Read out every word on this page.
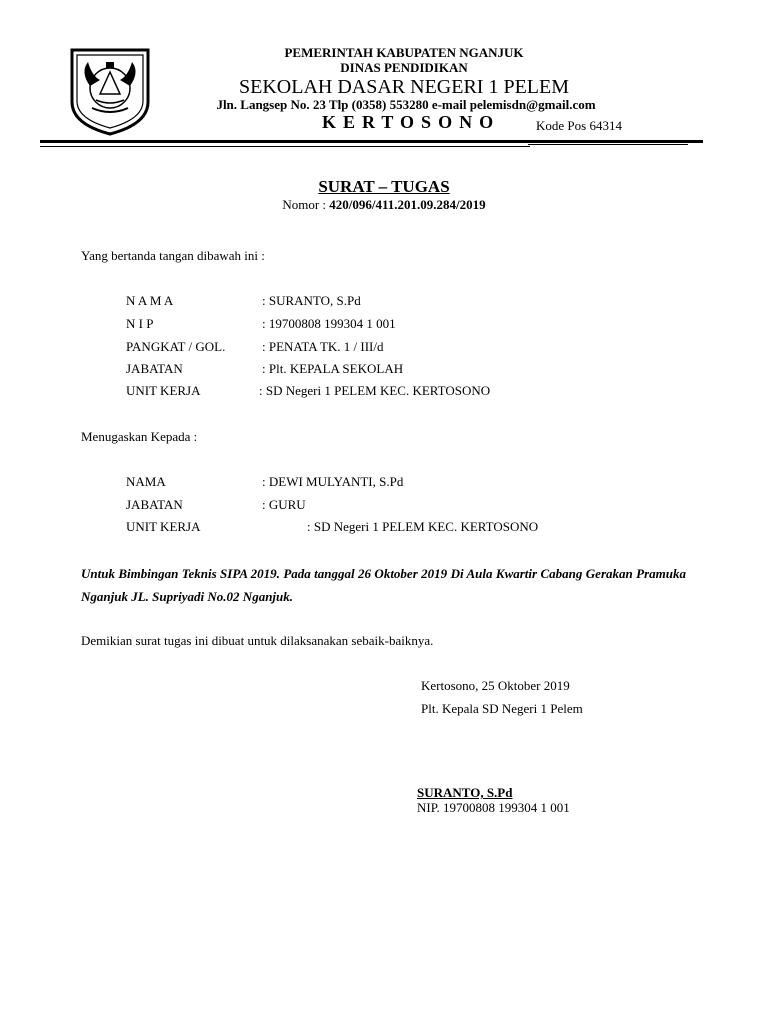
PEMERINTAH KABUPATEN NGANJUK
DINAS PENDIDIKAN
SEKOLAH DASAR NEGERI 1 PELEM
Jln. Langsep No. 23 Tlp (0358) 553280 e-mail pelemisdn@gmail.com
KERTOSONO	Kode Pos 64314
SURAT – TUGAS
Nomor : 420/096/411.201.09.284/2019
Yang bertanda tangan dibawah ini :
N A M A	: SURANTO, S.Pd
N I P	: 19700808 199304 1 001
PANGKAT / GOL.	: PENATA TK. 1 / III/d
JABATAN	: Plt. KEPALA SEKOLAH
UNIT KERJA	: SD Negeri 1 PELEM KEC. KERTOSONO
Menugaskan Kepada :
NAMA	: DEWI MULYANTI, S.Pd
JABATAN	: GURU
UNIT KERJA	: SD Negeri 1 PELEM KEC. KERTOSONO
Untuk Bimbingan Teknis SIPA 2019. Pada tanggal 26 Oktober 2019 Di Aula Kwartir Cabang Gerakan Pramuka Nganjuk JL. Supriyadi No.02 Nganjuk.
Demikian surat tugas ini dibuat untuk dilaksanakan sebaik-baiknya.
Kertosono, 25 Oktober 2019
Plt. Kepala SD Negeri 1 Pelem
SURANTO, S.Pd
NIP. 19700808 199304 1 001
